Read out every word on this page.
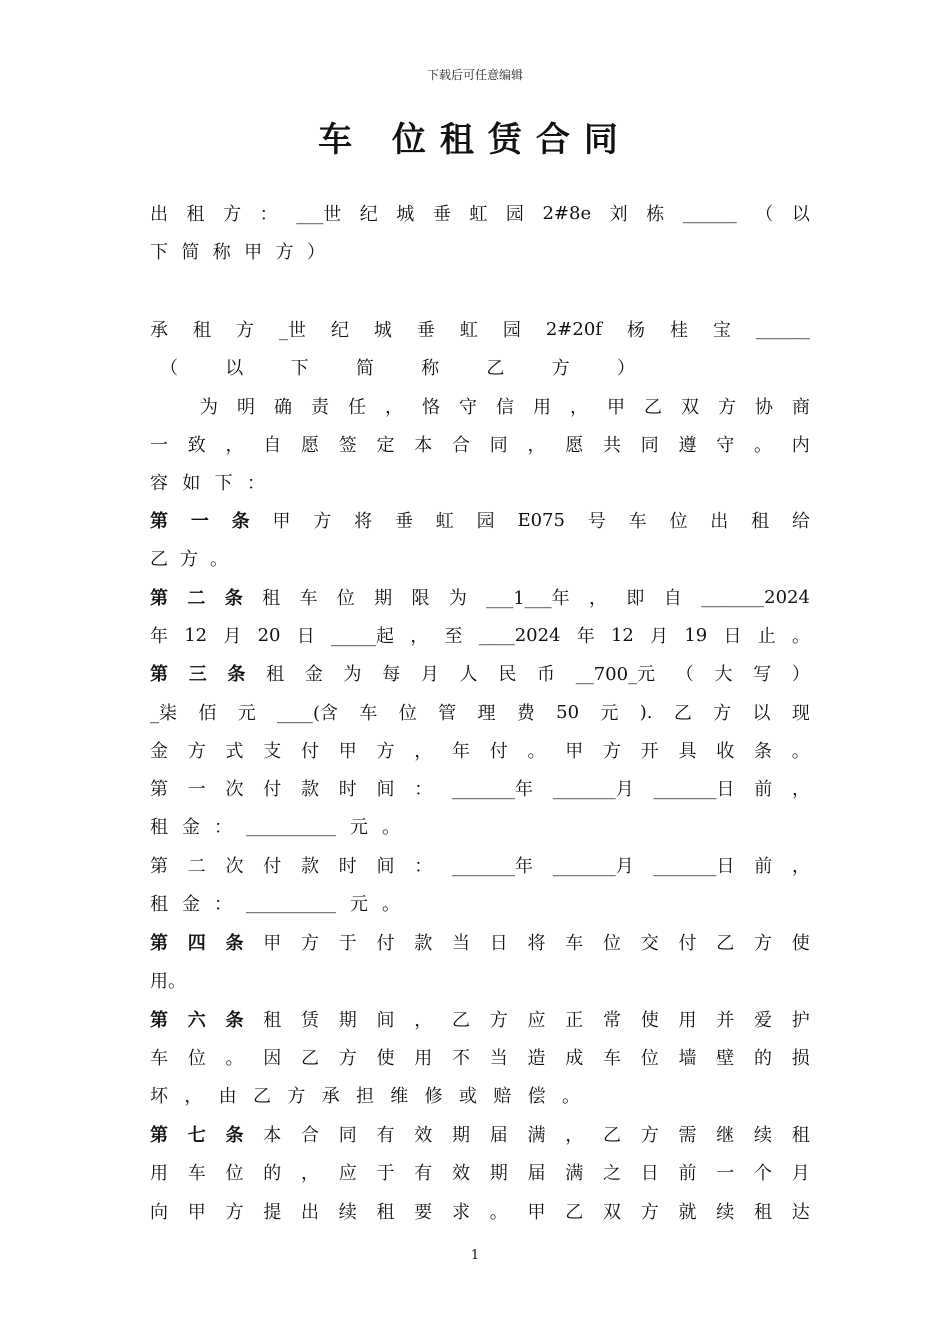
下载后可任意编辑
车 位租赁合同
出 租 方 ： ___世 纪 城 垂 虹 园 2#8e 刘 栋 ______ （ 以
下 简 称 甲 方 ）
承 租 方 _世 纪 城 垂 虹 园 2#20f 杨 桂 宝 ______
（	以	下	简	称	乙	方	）
为 明 确 责 任 ， 恪 守 信 用 ， 甲 乙 双 方 协 商
一 致 ， 自 愿 签 定 本 合 同 ， 愿 共 同 遵 守 。 内
容 如 下 ：
第 一 条 甲 方 将 垂 虹 园 E075 号 车 位 出 租 给
乙 方 。
第 二 条 租 车 位 期 限 为 ___1___年 ， 即 自 _______2024
年 12 月 20 日 _____起 ， 至 ____2024 年 12 月 19 日 止 。
第 三 条 租 金 为 每 月 人 民 币 __700_元 （ 大 写 ）
_柒 佰 元 ____(含 车 位 管 理 费 50 元 ). 乙 方 以 现
金 方 式 支 付 甲 方 ， 年 付 。 甲 方 开 具 收 条 。
第 一 次 付 款 时 间 ： _______年 _______月 _______日 前 ，
租 金 ： __________ 元 。
第 二 次 付 款 时 间 ： _______年 _______月 _______日 前 ，
租 金 ： __________ 元 。
第 四 条 甲 方 于 付 款 当 日 将 车 位 交 付 乙 方 使
用 。
第 六 条 租 赁 期 间 ， 乙 方 应 正 常 使 用 并 爱 护
车 位 。 因 乙 方 使 用 不 当 造 成 车 位 墙 壁 的 损
坏 ， 由 乙 方 承 担 维 修 或 赔 偿 。
第 七 条 本 合 同 有 效 期 届 满 ， 乙 方 需 继 续 租
用 车 位 的 ， 应 于 有 效 期 届 满 之 日 前 一 个 月
向 甲 方 提 出 续 租 要 求 。 甲 乙 双 方 就 续 租 达
1
